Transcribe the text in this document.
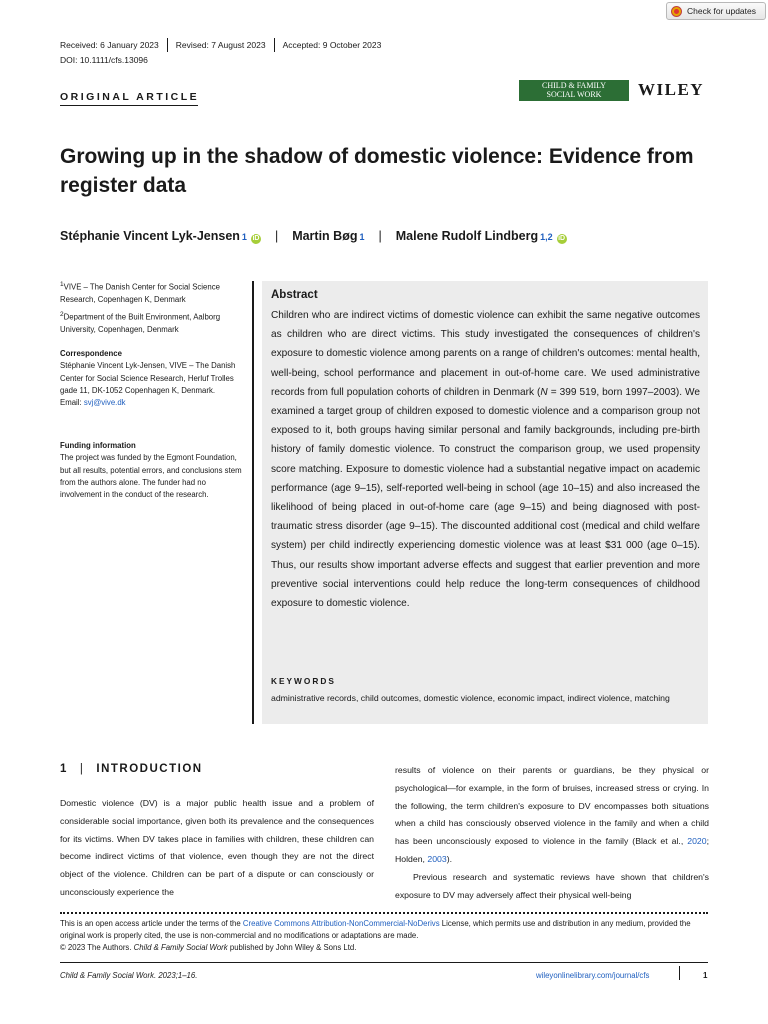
Check for updates
Received: 6 January 2023 Revised: 7 August 2023 Accepted: 9 October 2023
DOI: 10.1111/cfs.13096
ORIGINAL ARTICLE
CHILD & FAMILY
SOCIAL WORK	WILEY
Growing up in the shadow of domestic violence: Evidence from register data
Stéphanie Vincent Lyk-Jensen 1 iD | Martin Bøg 1 | Malene Rudolf Lindberg 1,2 iD
$^1$VIVE – The Danish Center for Social Science Research, Copenhagen K, Denmark
$^2$Department of the Built Environment, Aalborg University, Copenhagen, Denmark
Correspondence
Stéphanie Vincent Lyk-Jensen, VIVE – The Danish Center for Social Science Research, Herluf Trolles gade 11, DK-1052 Copenhagen K, Denmark.
Email: svj@vive.dk
Funding information
The project was funded by the Egmont Foundation, but all results, potential errors, and conclusions stem from the authors alone. The funder had no involvement in the conduct of the research.
Abstract
Children who are indirect victims of domestic violence can exhibit the same negative outcomes as children who are direct victims. This study investigated the consequences of children's exposure to domestic violence among parents on a range of children's outcomes: mental health, well-being, school performance and placement in out-of-home care. We used administrative records from full population cohorts of children in Denmark (N = 399 519, born 1997–2003). We examined a target group of children exposed to domestic violence and a comparison group not exposed to it, both groups having similar personal and family backgrounds, including pre-birth history of family domestic violence. To construct the comparison group, we used propensity score matching. Exposure to domestic violence had a substantial negative impact on academic performance (age 9–15), self-reported well-being in school (age 10–15) and also increased the likelihood of being placed in out-of-home care (age 9–15) and being diagnosed with post-traumatic stress disorder (age 9–15). The discounted additional cost (medical and child welfare system) per child indirectly experiencing domestic violence was at least $31 000 (age 0–15). Thus, our results show important adverse effects and suggest that earlier prevention and more preventive social interventions could help reduce the long-term consequences of childhood exposure to domestic violence.
KEYWORDS
administrative records, child outcomes, domestic violence, economic impact, indirect violence, matching
1 | INTRODUCTION

Domestic violence (DV) is a major public health issue and a problem of considerable social importance, given both its prevalence and the consequences for its victims. When DV takes place in families with children, these children can become indirect victims of that violence, even though they are not the direct object of the violence. Children can be part of a dispute or can consciously or unconsciously experience the

results of violence on their parents or guardians, be they physical or psychological—for example, in the form of bruises, increased stress or crying. In the following, the term children's exposure to DV encompasses both situations when a child has consciously observed violence in the family and when a child has been unconsciously exposed to violence in the family (Black et al., 2020; Holden, 2003).

Previous research and systematic reviews have shown that children's exposure to DV may adversely affect their physical well-being

This is an open access article under the terms of the Creative Commons Attribution-NonCommercial-NoDerivs License, which permits use and distribution in any medium, provided the original work is properly cited, the use is non-commercial and no modifications or adaptations are made.
© 2023 The Authors. Child & Family Social Work published by John Wiley & Sons Ltd.
Child & Family Social Work. 2023;1–16.	wileyonlinelibrary.com/journal/cfs	1
